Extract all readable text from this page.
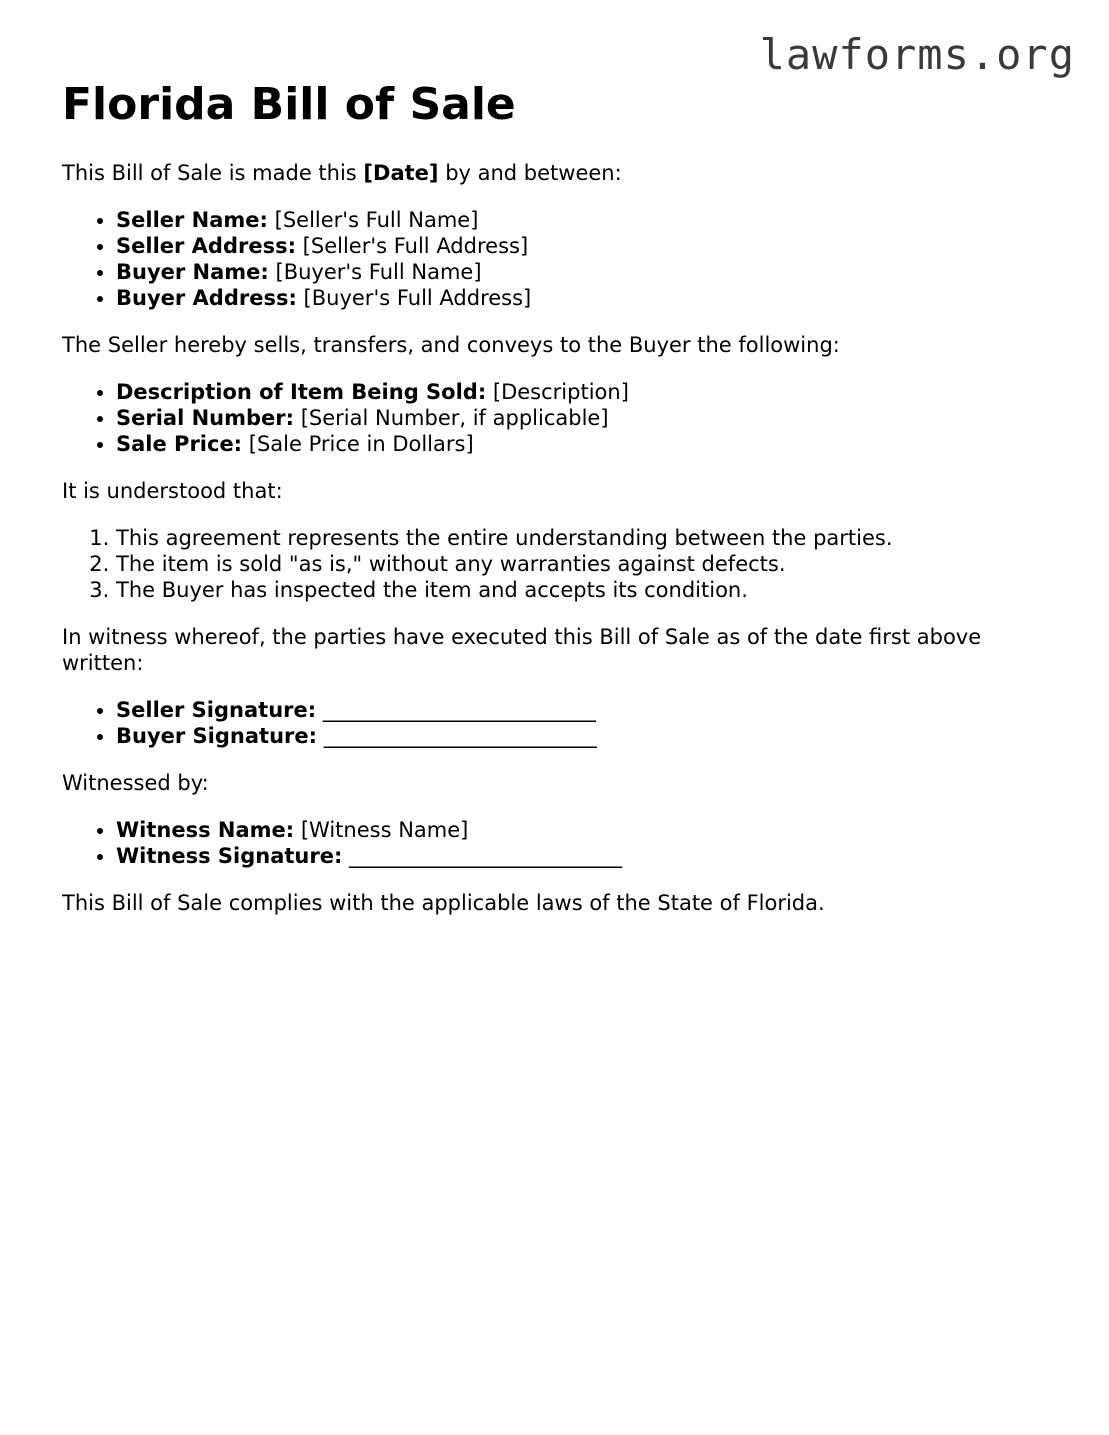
lawforms.org
Florida Bill of Sale

This Bill of Sale is made this [Date] by and between:

• Seller Name: [Seller's Full Name]
• Seller Address: [Seller's Full Address]
• Buyer Name: [Buyer's Full Name]
• Buyer Address: [Buyer's Full Address]

The Seller hereby sells, transfers, and conveys to the Buyer the following:

• Description of Item Being Sold: [Description]
• Serial Number: [Serial Number, if applicable]
• Sale Price: [Sale Price in Dollars]

It is understood that:

1. This agreement represents the entire understanding between the parties.
2. The item is sold "as is," without any warranties against defects.
3. The Buyer has inspected the item and accepts its condition.

In witness whereof, the parties have executed this Bill of Sale as of the date first above written:

• Seller Signature: __________________________
• Buyer Signature: __________________________

Witnessed by:

• Witness Name: [Witness Name]
• Witness Signature: __________________________

This Bill of Sale complies with the applicable laws of the State of Florida.
